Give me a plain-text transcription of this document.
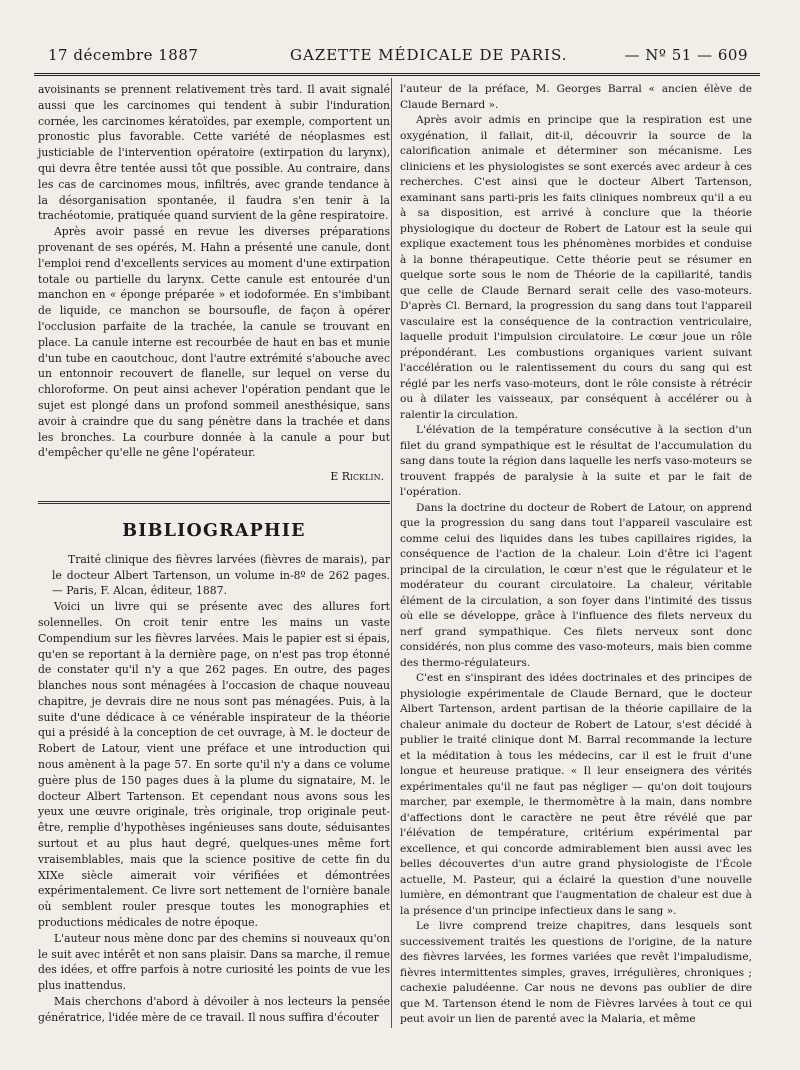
17 décembre 1887	GAZETTE MÉDICALE DE PARIS.	— Nº 51 — 609

avoisinants se prennent relativement très tard. Il avait signalé aussi que les carcinomes qui tendent à subir l'induration cornée, les carcinomes kératoïdes, par exemple, comportent un pronostic plus favorable. Cette variété de néoplasmes est justiciable de l'intervention opératoire (extirpation du larynx), qui devra être tentée aussi tôt que possible. Au contraire, dans les cas de carcinomes mous, infiltrés, avec grande tendance à la désorganisation spontanée, il faudra s'en tenir à la trachéotomie, pratiquée quand survient de la gêne respiratoire.

Après avoir passé en revue les diverses préparations provenant de ses opérés, M. Hahn a présenté une canule, dont l'emploi rend d'excellents services au moment d'une extirpation totale ou partielle du larynx. Cette canule est entourée d'un manchon en « éponge préparée » et iodoformée. En s'imbibant de liquide, ce manchon se boursoufle, de façon à opérer l'occlusion parfaite de la trachée, la canule se trouvant en place. La canule interne est recourbée de haut en bas et munie d'un tube en caoutchouc, dont l'autre extrémité s'abouche avec un entonnoir recouvert de flanelle, sur lequel on verse du chloroforme. On peut ainsi achever l'opération pendant que le sujet est plongé dans un profond sommeil anesthésique, sans avoir à craindre que du sang pénètre dans la trachée et dans les bronches. La courbure donnée à la canule a pour but d'empêcher qu'elle ne gêne l'opérateur.

E Ricklin.
BIBLIOGRAPHIE

Traité clinique des fièvres larvées (fièvres de marais), par le docteur Albert Tartenson, un volume in-8º de 262 pages. — Paris, F. Alcan, éditeur, 1887.

Voici un livre qui se présente avec des allures fort solennelles. On croit tenir entre les mains un vaste Compendium sur les fièvres larvées. Mais le papier est si épais, qu'en se reportant à la dernière page, on n'est pas trop étonné de constater qu'il n'y a que 262 pages. En outre, des pages blanches nous sont ménagées à l'occasion de chaque nouveau chapitre, je devrais dire ne nous sont pas ménagées. Puis, à la suite d'une dédicace à ce vénérable inspirateur de la théorie qui a présidé à la conception de cet ouvrage, à M. le docteur de Robert de Latour, vient une préface et une introduction qui nous amènent à la page 57. En sorte qu'il n'y a dans ce volume guère plus de 150 pages dues à la plume du signataire, M. le docteur Albert Tartenson. Et cependant nous avons sous les yeux une œuvre originale, très originale, trop originale peut-être, remplie d'hypothèses ingénieuses sans doute, séduisantes surtout et au plus haut degré, quelques-unes même fort vraisemblables, mais que la science positive de cette fin du XIXe siècle aimerait voir vérifiées et démontrées expérimentalement. Ce livre sort nettement de l'ornière banale où semblent rouler presque toutes les monographies et productions médicales de notre époque.

L'auteur nous mène donc par des chemins si nouveaux qu'on le suit avec intérêt et non sans plaisir. Dans sa marche, il remue des idées, et offre parfois à notre curiosité les points de vue les plus inattendus.

Mais cherchons d'abord à dévoiler à nos lecteurs la pensée génératrice, l'idée mère de ce travail. Il nous suffira d'écouter

l'auteur de la préface, M. Georges Barral « ancien élève de Claude Bernard ».

Après avoir admis en principe que la respiration est une oxygénation, il fallait, dit-il, découvrir la source de la calorification animale et déterminer son mécanisme. Les cliniciens et les physiologistes se sont exercés avec ardeur à ces recherches. C'est ainsi que le docteur Albert Tartenson, examinant sans parti-pris les faits cliniques nombreux qu'il a eu à sa disposition, est arrivé à conclure que la théorie physiologique du docteur de Robert de Latour est la seule qui explique exactement tous les phénomènes morbides et conduise à la bonne thérapeutique. Cette théorie peut se résumer en quelque sorte sous le nom de Théorie de la capillarité, tandis que celle de Claude Bernard serait celle des vaso-moteurs. D'après Cl. Bernard, la progression du sang dans tout l'appareil vasculaire est la conséquence de la contraction ventriculaire, laquelle produit l'impulsion circulatoire. Le cœur joue un rôle prépondérant. Les combustions organiques varient suivant l'accélération ou le ralentissement du cours du sang qui est réglé par les nerfs vaso-moteurs, dont le rôle consiste à rétrécir ou à dilater les vaisseaux, par conséquent à accélérer ou à ralentir la circulation.

L'élévation de la température consécutive à la section d'un filet du grand sympathique est le résultat de l'accumulation du sang dans toute la région dans laquelle les nerfs vaso-moteurs se trouvent frappés de paralysie à la suite et par le fait de l'opération.

Dans la doctrine du docteur de Robert de Latour, on apprend que la progression du sang dans tout l'appareil vasculaire est comme celui des liquides dans les tubes capillaires rigides, la conséquence de l'action de la chaleur. Loin d'être ici l'agent principal de la circulation, le cœur n'est que le régulateur et le modérateur du courant circulatoire. La chaleur, véritable élément de la circulation, a son foyer dans l'intimité des tissus où elle se développe, grâce à l'influence des filets nerveux du nerf grand sympathique. Ces filets nerveux sont donc considérés, non plus comme des vaso-moteurs, mais bien comme des thermo-régulateurs.

C'est en s'inspirant des idées doctrinales et des principes de physiologie expérimentale de Claude Bernard, que le docteur Albert Tartenson, ardent partisan de la théorie capillaire de la chaleur animale du docteur de Robert de Latour, s'est décidé à publier le traité clinique dont M. Barral recommande la lecture et la méditation à tous les médecins, car il est le fruit d'une longue et heureuse pratique. « Il leur enseignera des vérités expérimentales qu'il ne faut pas négliger — qu'on doit toujours marcher, par exemple, le thermomètre à la main, dans nombre d'affections dont le caractère ne peut être révélé que par l'élévation de température, critérium expérimental par excellence, et qui concorde admirablement bien aussi avec les belles découvertes d'un autre grand physiologiste de l'École actuelle, M. Pasteur, qui a éclairé la question d'une nouvelle lumière, en démontrant que l'augmentation de chaleur est due à la présence d'un principe infectieux dans le sang ».

Le livre comprend treize chapitres, dans lesquels sont successivement traités les questions de l'origine, de la nature des fièvres larvées, les formes variées que revêt l'impaludisme, fièvres intermittentes simples, graves, irrégulières, chroniques ; cachexie paludéenne. Car nous ne devons pas oublier de dire que M. Tartenson étend le nom de Fièvres larvées à tout ce qui peut avoir un lien de parenté avec la Malaria, et même
